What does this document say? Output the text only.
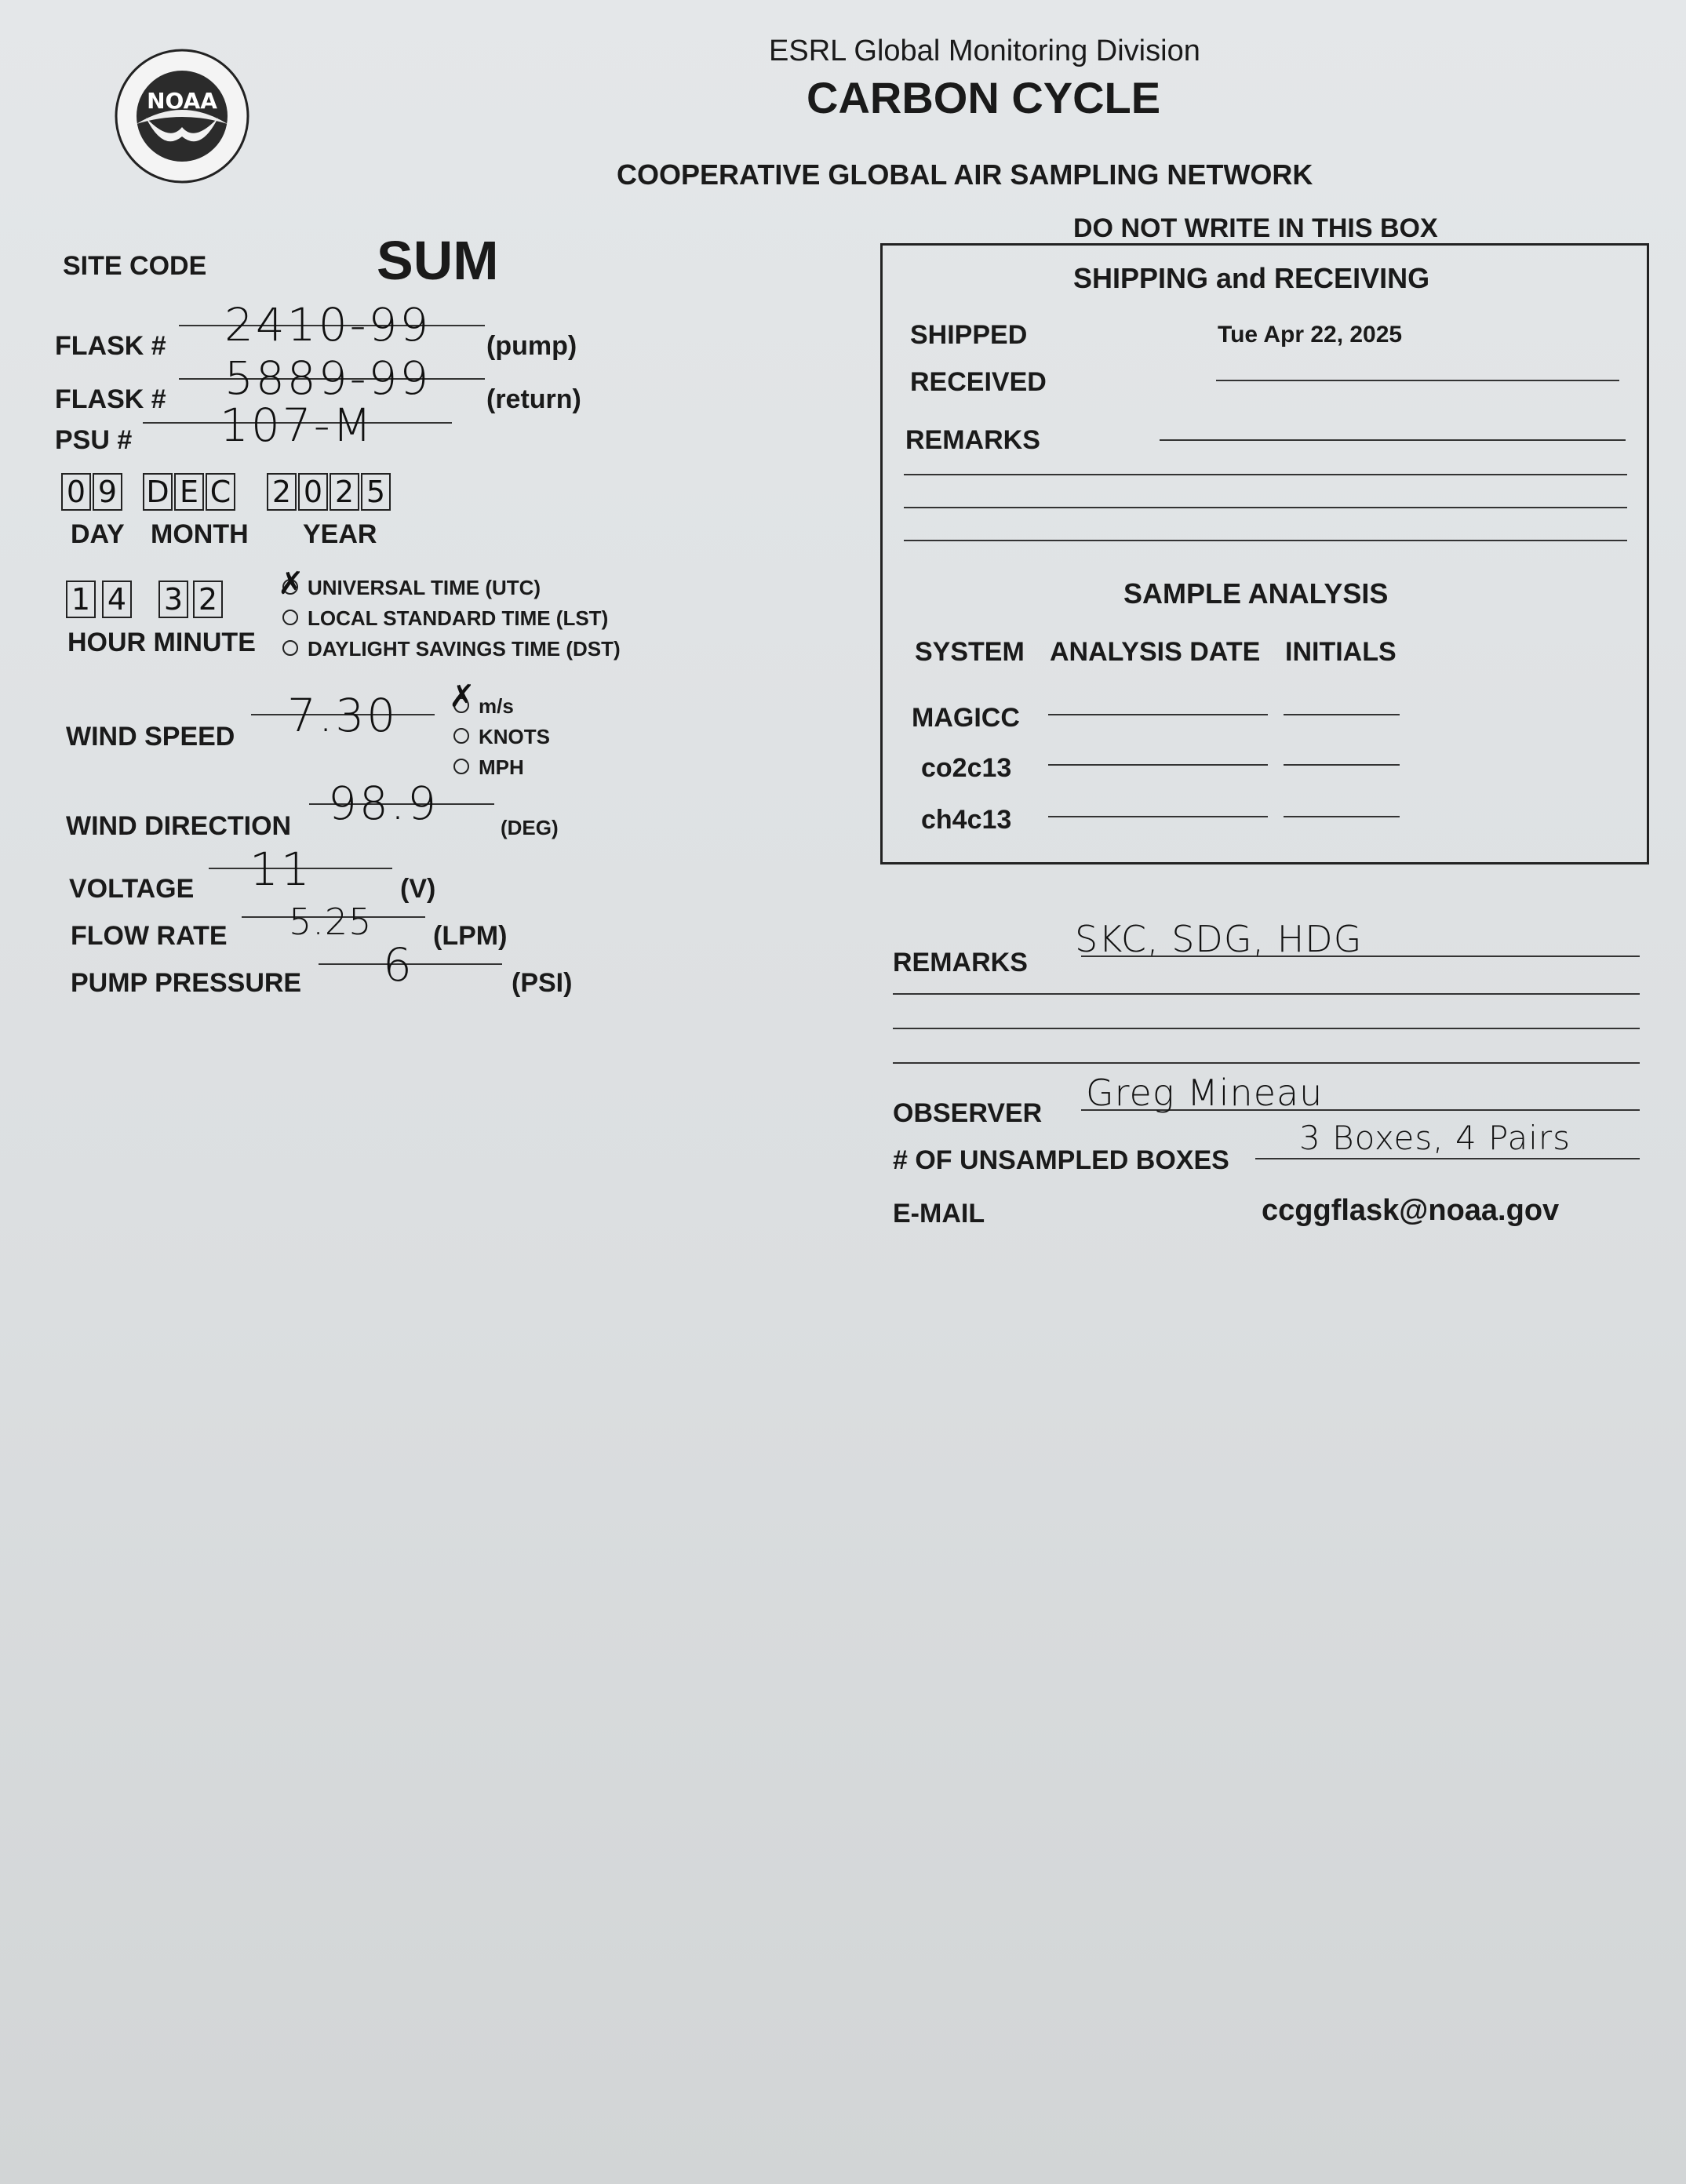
NOAA
ESRL Global Monitoring Division
CARBON CYCLE
COOPERATIVE GLOBAL AIR SAMPLING NETWORK
SITE CODE	SUM
FLASK # 2410-99 (pump)
FLASK # 5889-99 (return)
PSU # 107-M
0 9 D E C 2 0 2 5
DAY MONTH YEAR
1 4 3 2
HOUR MINUTE
✗ UNIVERSAL TIME (UTC)
LOCAL STANDARD TIME (LST)
DAYLIGHT SAVINGS TIME (DST)
WIND SPEED 7.30 ✗ m/s
KNOTS
MPH
WIND DIRECTION 98.9	(DEG)
VOLTAGE 11	(V)
FLOW RATE 5.25 (LPM)
PUMP PRESSURE 6	(PSI)
DO NOT WRITE IN THIS BOX
SHIPPING and RECEIVING
SHIPPED	Tue Apr 22, 2025
RECEIVED
REMARKS
SAMPLE ANALYSIS
SYSTEM ANALYSIS DATE INITIALS
MAGICC
co2c13
ch4c13
REMARKS
SKC, SDG, HDG
OBSERVER Greg Mineau
# OF UNSAMPLED BOXES
3 Boxes, 4 Pairs
E-MAIL	ccggflask@noaa.gov
